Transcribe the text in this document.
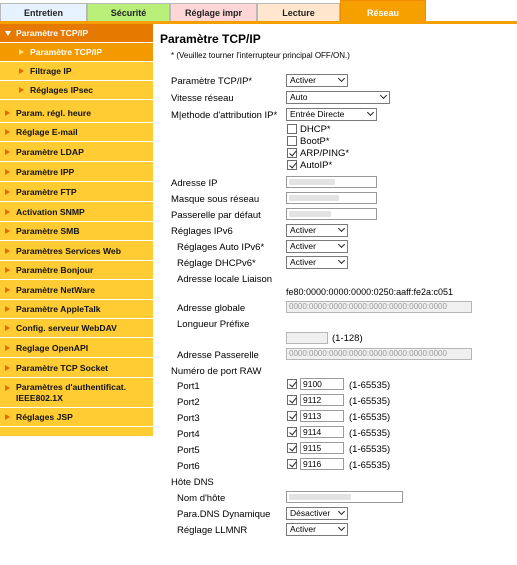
Entretien	Sécurité	Réglage impr	Lecture	Réseau
Paramètre TCP/IP
Paramètre TCP/IP
Filtrage IP
Réglages IPsec
Param. régl. heure
Réglage E-mail
Paramètre LDAP
Paramètre IPP
Paramètre FTP
Activation SNMP
Paramètre SMB
Paramètres Services Web
Paramètre Bonjour
Paramètre NetWare
Paramètre AppleTalk
Config. serveur WebDAV
Reglage OpenAPI
Paramètre TCP Socket
Paramètres d'authentificat. IEEE802.1X
Réglages JSP
Paramètre TCP/IP
* (Veuillez tourner l'interrupteur principal OFF/ON.)
Paramètre TCP/IP*	Activer
Vitesse réseau	Auto
M|ethode d'attribution IP*	Entrée Directe
DHCP*
BootP*
ARP/PING*
AutoIP*
Adresse IP
Masque sous réseau
Passerelle par défaut
Réglages IPv6	Activer
Réglages Auto IPv6*	Activer
Réglage DHCPv6*	Activer
Adresse locale Liaison
fe80:0000:0000:0000:0250:aaff:fe2a:c051
Adresse globale	0000:0000:0000:0000:0000:0000:0000:0000
Longueur Préfixe
(1-128)
Adresse Passerelle	0000:0000:0000:0000:0000:0000:0000:0000
Numéro de port RAW
Port1	9100	(1-65535)
Port2	9112	(1-65535)
Port3	9113	(1-65535)
Port4	9114	(1-65535)
Port5	9115	(1-65535)
Port6	9116	(1-65535)
Hôte DNS
Nom d'hôte
Para.DNS Dynamique	Désactiver
Réglage LLMNR	Activer
